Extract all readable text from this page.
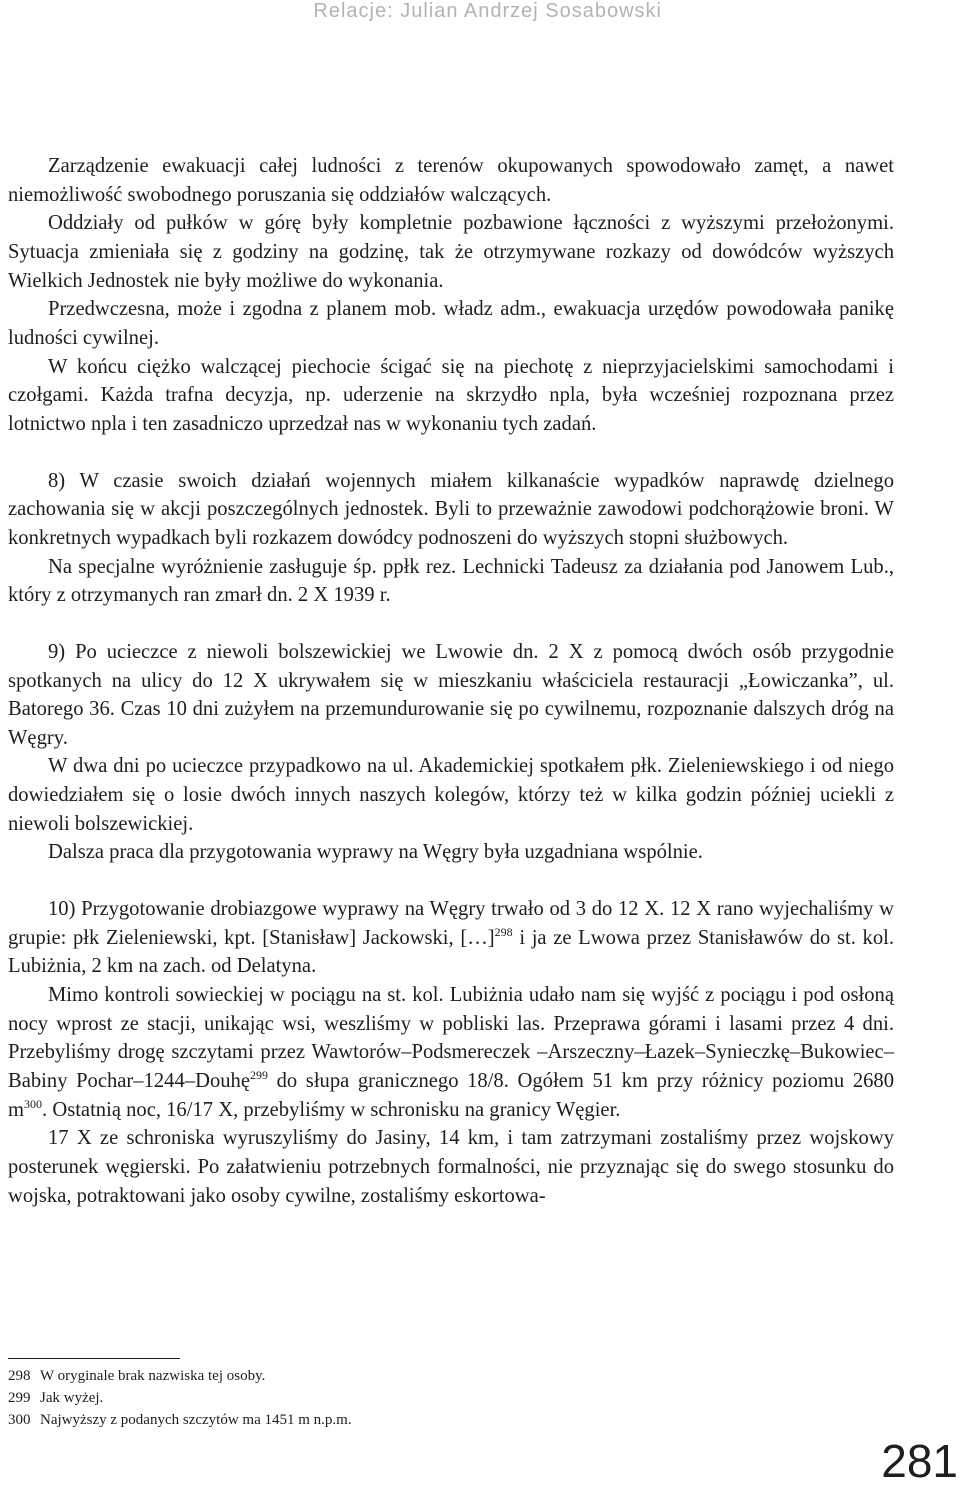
Relacje: Julian Andrzej Sosabowski

Zarządzenie ewakuacji całej ludności z terenów okupowanych spowodowało zamęt, a nawet niemożliwość swobodnego poruszania się oddziałów walczących.

Oddziały od pułków w górę były kompletnie pozbawione łączności z wyższymi przełożonymi. Sytuacja zmieniała się z godziny na godzinę, tak że otrzymywane rozkazy od dowódców wyższych Wielkich Jednostek nie były możliwe do wykonania.

Przedwczesna, może i zgodna z planem mob. władz adm., ewakuacja urzędów powodowała panikę ludności cywilnej.

W końcu ciężko walczącej piechocie ścigać się na piechotę z nieprzyjacielskimi samochodami i czołgami. Każda trafna decyzja, np. uderzenie na skrzydło npla, była wcześniej rozpoznana przez lotnictwo npla i ten zasadniczo uprzedzał nas w wykonaniu tych zadań.

8) W czasie swoich działań wojennych miałem kilkanaście wypadków naprawdę dzielnego zachowania się w akcji poszczególnych jednostek. Byli to przeważnie zawodowi podchorążowie broni. W konkretnych wypadkach byli rozkazem dowódcy podnoszeni do wyższych stopni służbowych.

Na specjalne wyróżnienie zasługuje śp. ppłk rez. Lechnicki Tadeusz za działania pod Janowem Lub., który z otrzymanych ran zmarł dn. 2 X 1939 r.

9) Po ucieczce z niewoli bolszewickiej we Lwowie dn. 2 X z pomocą dwóch osób przygodnie spotkanych na ulicy do 12 X ukrywałem się w mieszkaniu właściciela restauracji „Łowiczanka”, ul. Batorego 36. Czas 10 dni zużyłem na przemundurowanie się po cywilnemu, rozpoznanie dalszych dróg na Węgry.

W dwa dni po ucieczce przypadkowo na ul. Akademickiej spotkałem płk. Zieleniewskiego i od niego dowiedziałem się o losie dwóch innych naszych kolegów, którzy też w kilka godzin później uciekli z niewoli bolszewickiej.

Dalsza praca dla przygotowania wyprawy na Węgry była uzgadniana wspólnie.

10) Przygotowanie drobiazgowe wyprawy na Węgry trwało od 3 do 12 X. 12 X rano wyjechaliśmy w grupie: płk Zieleniewski, kpt. [Stanisław] Jackowski, […]$^{298}$ i ja ze Lwowa przez Stanisławów do st. kol. Lubiżnia, 2 km na zach. od Delatyna.

Mimo kontroli sowieckiej w pociągu na st. kol. Lubiżnia udało nam się wyjść z pociągu i pod osłoną nocy wprost ze stacji, unikając wsi, weszliśmy w pobliski las. Przeprawa górami i lasami przez 4 dni. Przebyliśmy drogę szczytami przez Wawtorów–Podsmereczek –Arszeczny–Łazek–Synieczkę–Bukowiec–Babiny Pochar–1244–Douhę$^{299}$ do słupa granicznego 18/8. Ogółem 51 km przy różnicy poziomu 2680 $m^{300}$. Ostatnią noc, 16/17 X, przebyliśmy w schronisku na granicy Węgier.

17 X ze schroniska wyruszyliśmy do Jasiny, 14 km, i tam zatrzymani zostaliśmy przez wojskowy posterunek węgierski. Po załatwieniu potrzebnych formalności, nie przyznając się do swego stosunku do wojska, potraktowani jako osoby cywilne, zostaliśmy eskortowa-

298 W oryginale brak nazwiska tej osoby.
299 Jak wyżej.
300 Najwyższy z podanych szczytów ma 1451 m n.p.m.
281
